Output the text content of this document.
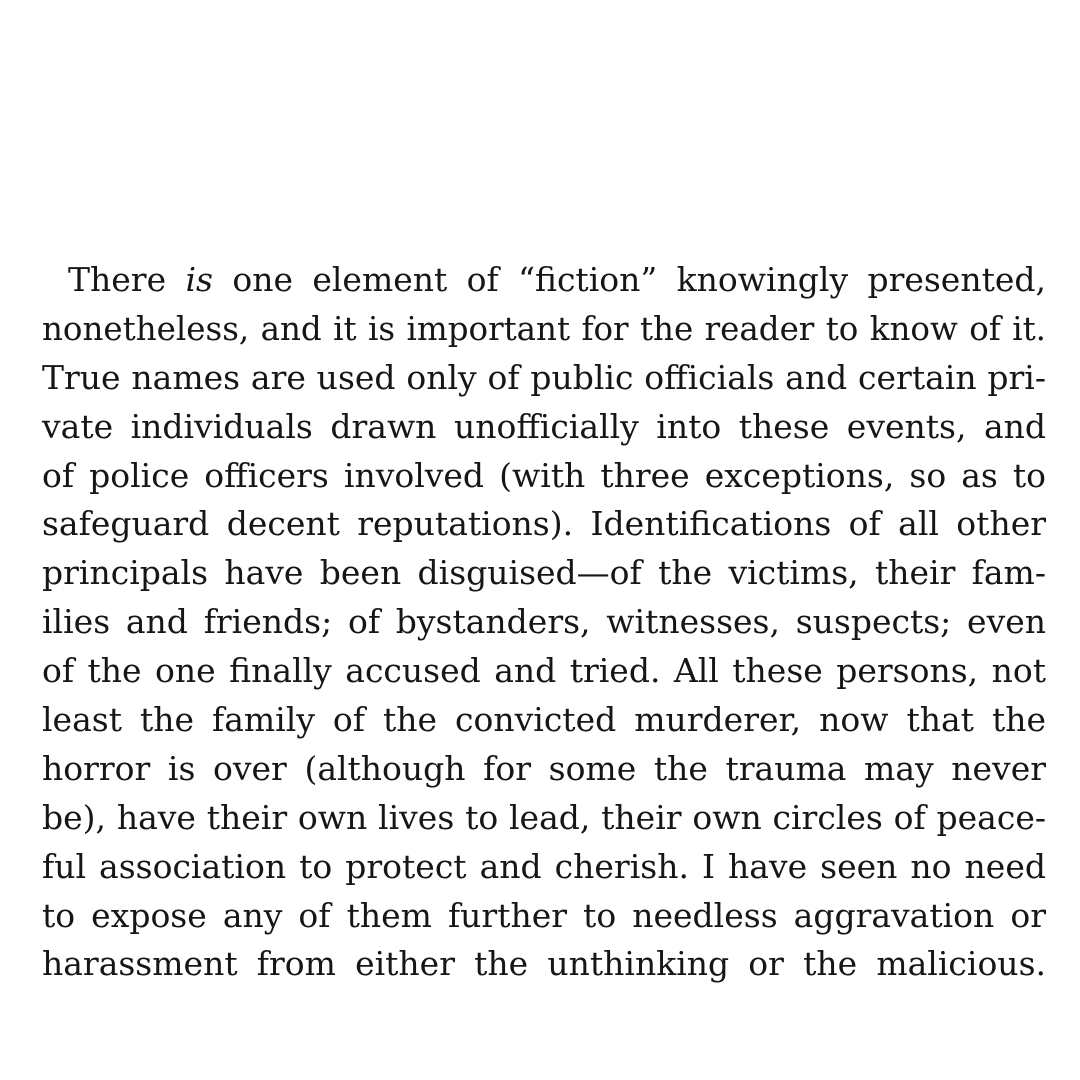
There is one element of “fiction” knowingly presented,
nonetheless, and it is important for the reader to know of it.
True names are used only of public officials and certain pri-
vate individuals drawn unofficially into these events, and
of police officers involved (with three exceptions, so as to
safeguard decent reputations). Identifications of all other
principals have been disguised—of the victims, their fam-
ilies and friends; of bystanders, witnesses, suspects; even
of the one finally accused and tried. All these persons, not
least the family of the convicted murderer, now that the
horror is over (although for some the trauma may never
be), have their own lives to lead, their own circles of peace-
ful association to protect and cherish. I have seen no need
to expose any of them further to needless aggravation or
harassment from either the unthinking or the malicious.
